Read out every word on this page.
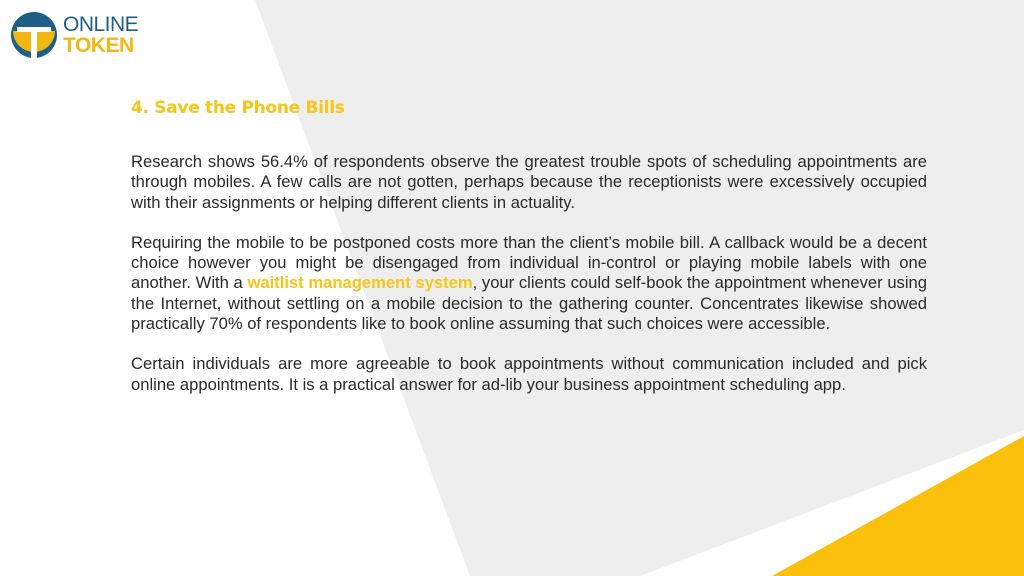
ONLINE
TOKEN
4. Save the Phone Bills

Research shows 56.4% of respondents observe the greatest trouble spots of scheduling appointments are through mobiles. A few calls are not gotten, perhaps because the receptionists were excessively occupied with their assignments or helping different clients in actuality.

Requiring the mobile to be postponed costs more than the client’s mobile bill. A callback would be a decent choice however you might be disengaged from individual in-control or playing mobile labels with one another. With a waitlist management system, your clients could self-book the appointment whenever using the Internet, without settling on a mobile decision to the gathering counter. Concentrates likewise showed practically 70% of respondents like to book online assuming that such choices were accessible.

Certain individuals are more agreeable to book appointments without communication included and pick online appointments. It is a practical answer for ad-lib your business appointment scheduling app.
